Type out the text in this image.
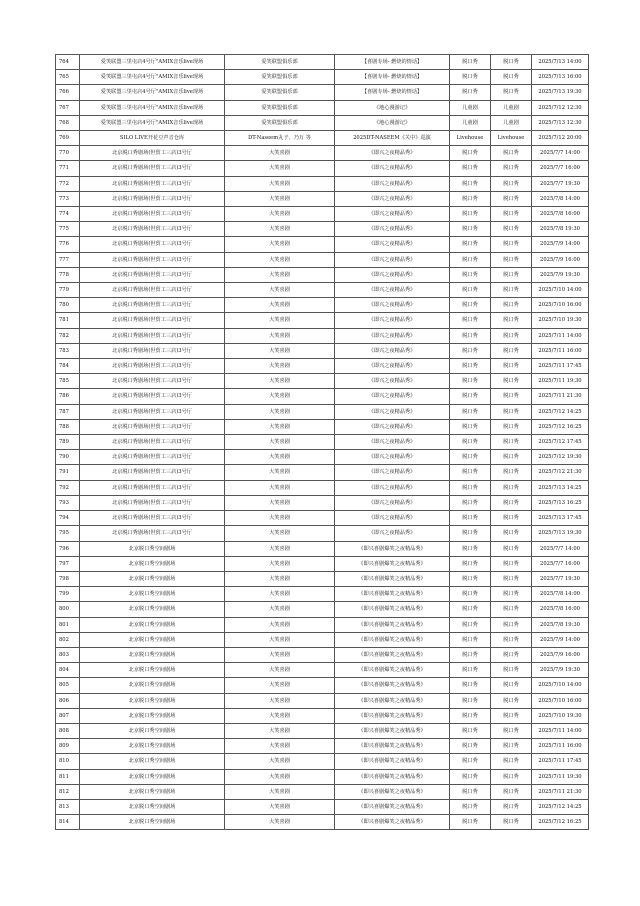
764	爱笑联盟三里屯店4号厅"AMIX音乐live现场	爱笑联盟俱乐部	【喜剧专场- 燃烧的情话】	脱口秀	脱口秀	2025/7/13 14:00
765	爱笑联盟三里屯店4号厅"AMIX音乐live现场	爱笑联盟俱乐部	【喜剧专场- 燃烧的情话】	脱口秀	脱口秀	2025/7/13 16:00
766	爱笑联盟三里屯店4号厅"AMIX音乐live现场	爱笑联盟俱乐部	【喜剧专场- 燃烧的情话】	脱口秀	脱口秀	2025/7/13 19:30
767	爱笑联盟三里屯店4号厅"AMIX音乐live现场	爱笑联盟俱乐部	《地心漫游记》	儿童剧	儿童剧	2025/7/12 12:30
768	爱笑联盟三里屯店4号厅"AMIX音乐live现场	爱笑联盟俱乐部	《地心漫游记》	儿童剧	儿童剧	2025/7/13 12:30
769	SILO LIVE开花豆声音仓库	DT-Naseem丸子、乃万 等	2025DT-NASEEM《关中》巡演	Livehouse	Livehouse	2025/7/12 20:00
770	北京脱口秀剧场(世贸工三店)3号厅	大笑喜剧	《即兴之夜精品秀》	脱口秀	脱口秀	2025/7/7 14:00
771	北京脱口秀剧场(世贸工三店)3号厅	大笑喜剧	《即兴之夜精品秀》	脱口秀	脱口秀	2025/7/7 16:00
772	北京脱口秀剧场(世贸工三店)3号厅	大笑喜剧	《即兴之夜精品秀》	脱口秀	脱口秀	2025/7/7 19:30
773	北京脱口秀剧场(世贸工三店)3号厅	大笑喜剧	《即兴之夜精品秀》	脱口秀	脱口秀	2025/7/8 14:00
774	北京脱口秀剧场(世贸工三店)3号厅	大笑喜剧	《即兴之夜精品秀》	脱口秀	脱口秀	2025/7/8 16:00
775	北京脱口秀剧场(世贸工三店)3号厅	大笑喜剧	《即兴之夜精品秀》	脱口秀	脱口秀	2025/7/8 19:30
776	北京脱口秀剧场(世贸工三店)3号厅	大笑喜剧	《即兴之夜精品秀》	脱口秀	脱口秀	2025/7/9 14:00
777	北京脱口秀剧场(世贸工三店)3号厅	大笑喜剧	《即兴之夜精品秀》	脱口秀	脱口秀	2025/7/9 16:00
778	北京脱口秀剧场(世贸工三店)3号厅	大笑喜剧	《即兴之夜精品秀》	脱口秀	脱口秀	2025/7/9 19:30
779	北京脱口秀剧场(世贸工三店)3号厅	大笑喜剧	《即兴之夜精品秀》	脱口秀	脱口秀	2025/7/10 14:00
780	北京脱口秀剧场(世贸工三店)3号厅	大笑喜剧	《即兴之夜精品秀》	脱口秀	脱口秀	2025/7/10 16:00
781	北京脱口秀剧场(世贸工三店)3号厅	大笑喜剧	《即兴之夜精品秀》	脱口秀	脱口秀	2025/7/10 19:30
782	北京脱口秀剧场(世贸工三店)3号厅	大笑喜剧	《即兴之夜精品秀》	脱口秀	脱口秀	2025/7/11 14:00
783	北京脱口秀剧场(世贸工三店)3号厅	大笑喜剧	《即兴之夜精品秀》	脱口秀	脱口秀	2025/7/11 16:00
784	北京脱口秀剧场(世贸工三店)3号厅	大笑喜剧	《即兴之夜精品秀》	脱口秀	脱口秀	2025/7/11 17:45
785	北京脱口秀剧场(世贸工三店)3号厅	大笑喜剧	《即兴之夜精品秀》	脱口秀	脱口秀	2025/7/11 19:30
786	北京脱口秀剧场(世贸工三店)3号厅	大笑喜剧	《即兴之夜精品秀》	脱口秀	脱口秀	2025/7/11 21:30
787	北京脱口秀剧场(世贸工三店)3号厅	大笑喜剧	《即兴之夜精品秀》	脱口秀	脱口秀	2025/7/12 14:25
788	北京脱口秀剧场(世贸工三店)3号厅	大笑喜剧	《即兴之夜精品秀》	脱口秀	脱口秀	2025/7/12 16:25
789	北京脱口秀剧场(世贸工三店)3号厅	大笑喜剧	《即兴之夜精品秀》	脱口秀	脱口秀	2025/7/12 17:45
790	北京脱口秀剧场(世贸工三店)3号厅	大笑喜剧	《即兴之夜精品秀》	脱口秀	脱口秀	2025/7/12 19:30
791	北京脱口秀剧场(世贸工三店)3号厅	大笑喜剧	《即兴之夜精品秀》	脱口秀	脱口秀	2025/7/12 21:30
792	北京脱口秀剧场(世贸工三店)3号厅	大笑喜剧	《即兴之夜精品秀》	脱口秀	脱口秀	2025/7/13 14:25
793	北京脱口秀剧场(世贸工三店)3号厅	大笑喜剧	《即兴之夜精品秀》	脱口秀	脱口秀	2025/7/13 16:25
794	北京脱口秀剧场(世贸工三店)3号厅	大笑喜剧	《即兴之夜精品秀》	脱口秀	脱口秀	2025/7/13 17:45
795	北京脱口秀剧场(世贸工三店)3号厅	大笑喜剧	《即兴之夜精品秀》	脱口秀	脱口秀	2025/7/13 19:30
796	北京脱口秀空间剧场	大笑喜剧	《即兴喜剧爆笑之夜精品秀》	脱口秀	脱口秀	2025/7/7 14:00
797	北京脱口秀空间剧场	大笑喜剧	《即兴喜剧爆笑之夜精品秀》	脱口秀	脱口秀	2025/7/7 16:00
798	北京脱口秀空间剧场	大笑喜剧	《即兴喜剧爆笑之夜精品秀》	脱口秀	脱口秀	2025/7/7 19:30
799	北京脱口秀空间剧场	大笑喜剧	《即兴喜剧爆笑之夜精品秀》	脱口秀	脱口秀	2025/7/8 14:00
800	北京脱口秀空间剧场	大笑喜剧	《即兴喜剧爆笑之夜精品秀》	脱口秀	脱口秀	2025/7/8 16:00
801	北京脱口秀空间剧场	大笑喜剧	《即兴喜剧爆笑之夜精品秀》	脱口秀	脱口秀	2025/7/8 19:30
802	北京脱口秀空间剧场	大笑喜剧	《即兴喜剧爆笑之夜精品秀》	脱口秀	脱口秀	2025/7/9 14:00
803	北京脱口秀空间剧场	大笑喜剧	《即兴喜剧爆笑之夜精品秀》	脱口秀	脱口秀	2025/7/9 16:00
804	北京脱口秀空间剧场	大笑喜剧	《即兴喜剧爆笑之夜精品秀》	脱口秀	脱口秀	2025/7/9 19:30
805	北京脱口秀空间剧场	大笑喜剧	《即兴喜剧爆笑之夜精品秀》	脱口秀	脱口秀	2025/7/10 14:00
806	北京脱口秀空间剧场	大笑喜剧	《即兴喜剧爆笑之夜精品秀》	脱口秀	脱口秀	2025/7/10 16:00
807	北京脱口秀空间剧场	大笑喜剧	《即兴喜剧爆笑之夜精品秀》	脱口秀	脱口秀	2025/7/10 19:30
808	北京脱口秀空间剧场	大笑喜剧	《即兴喜剧爆笑之夜精品秀》	脱口秀	脱口秀	2025/7/11 14:00
809	北京脱口秀空间剧场	大笑喜剧	《即兴喜剧爆笑之夜精品秀》	脱口秀	脱口秀	2025/7/11 16:00
810	北京脱口秀空间剧场	大笑喜剧	《即兴喜剧爆笑之夜精品秀》	脱口秀	脱口秀	2025/7/11 17:45
811	北京脱口秀空间剧场	大笑喜剧	《即兴喜剧爆笑之夜精品秀》	脱口秀	脱口秀	2025/7/11 19:30
812	北京脱口秀空间剧场	大笑喜剧	《即兴喜剧爆笑之夜精品秀》	脱口秀	脱口秀	2025/7/11 21:30
813	北京脱口秀空间剧场	大笑喜剧	《即兴喜剧爆笑之夜精品秀》	脱口秀	脱口秀	2025/7/12 14:25
814	北京脱口秀空间剧场	大笑喜剧	《即兴喜剧爆笑之夜精品秀》	脱口秀	脱口秀	2025/7/12 16:25
